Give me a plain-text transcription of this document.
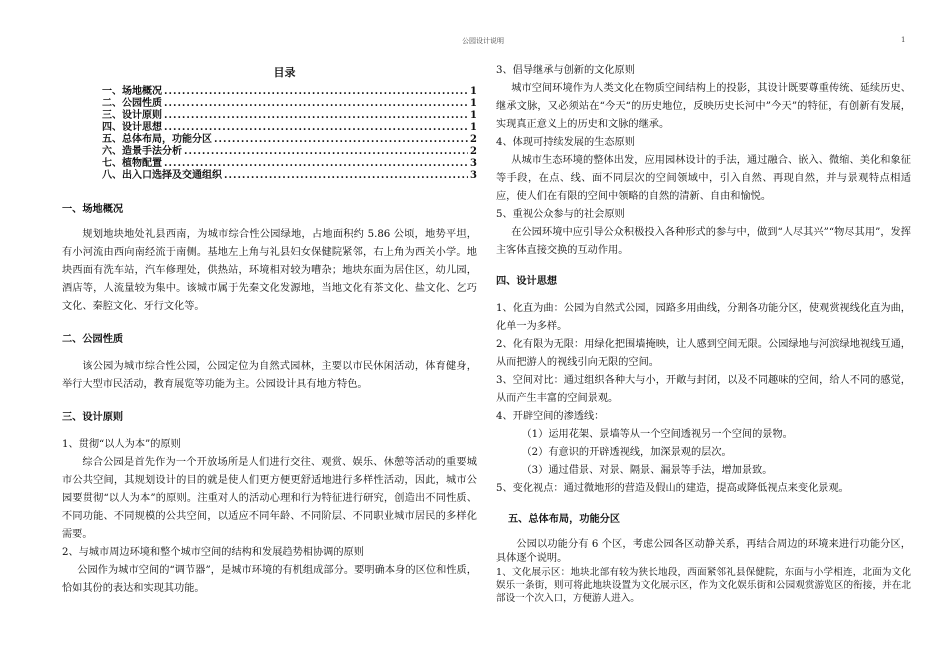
公园设计说明	1
目录
一、场地概况 .....	1
二、公园性质 .....	1
三、设计原则 .....	1
四、设计思想 .....	1
五、总体布局，功能分区 .....	2
六、造景手法分析 .....	2
七、植物配置 .....	3
八、出入口选择及交通组织 .....	3
一、场地概况

规划地块地处礼县西南，为城市综合性公园绿地，占地面积约 5.86 公顷，地势平坦，有小河流由西向南经流于南侧。基地左上角与礼县妇女保健院紧邻，右上角为西关小学。地块西面有洗车站，汽车修理处，供热站，环境相对较为嘈杂；地块东面为居住区，幼儿园，酒店等，人流量较为集中。该城市属于先秦文化发源地，当地文化有茶文化、盐文化、乞巧文化、秦腔文化、牙行文化等。

二、公园性质

该公园为城市综合性公园，公园定位为自然式园林，主要以市民休闲活动，体育健身，举行大型市民活动，教育展览等功能为主。公园设计具有地方特色。

三、设计原则

1、贯彻“以人为本”的原则

综合公园是首先作为一个开放场所是人们进行交往、观赏、娱乐、休憩等活动的重要城市公共空间，其规划设计的目的就是使人们更方便更舒适地进行多样性活动，因此，城市公园要贯彻“以人为本”的原则。注重对人的活动心理和行为特征进行研究，创造出不同性质、不同功能、不同规模的公共空间，以适应不同年龄、不同阶层、不同职业城市居民的多样化需要。

2、与城市周边环境和整个城市空间的结构和发展趋势相协调的原则

公园作为城市空间的“调节器”，是城市环境的有机组成部分。要明确本身的区位和性质，恰如其份的表达和实现其功能。

3、倡导继承与创新的文化原则

城市空间环境作为人类文化在物质空间结构上的投影，其设计既要尊重传统、延续历史、继承文脉，又必须站在“今天“的历史地位，反映历史长河中”今天”的特征，有创新有发展，实现真正意义上的历史和文脉的继承。

4、体现可持续发展的生态原则

从城市生态环境的整体出发，应用园林设计的手法，通过融合、嵌入、微缩、美化和象征等手段，在点、线、面不同层次的空间领域中，引入自然、再现自然，并与景观特点相适应，使人们在有限的空间中领略的自然的清新、自由和愉悦。

5、重视公众参与的社会原则

在公园环境中应引导公众积极投入各种形式的参与中，做到“人尽其兴”“物尽其用”，发挥主客体直接交换的互动作用。

四、设计思想

1、化直为曲：公园为自然式公园，园路多用曲线，分割各功能分区，使观赏视线化直为曲，化单一为多样。

2、化有限为无限：用绿化把围墙掩映，让人感到空间无限。公园绿地与河滨绿地视线互通，从而把游人的视线引向无限的空间。

3、空间对比：通过组织各种大与小，开敞与封闭，以及不同趣味的空间，给人不同的感觉，从而产生丰富的空间景观。

4、开辟空间的渗透线：

（1）运用花架、景墙等从一个空间透视另一个空间的景物。

（2）有意识的开辟透视线，加深景观的层次。

（3）通过借景、对景、隔景、漏景等手法，增加景致。

5、变化视点：通过微地形的营造及假山的建造，提高或降低视点来变化景观。

五、总体布局，功能分区

公园以功能分有 6 个区，考虑公园各区动静关系，再结合周边的环境来进行功能分区，具体逐个说明。

1、文化展示区：地块北部有较为狭长地段，西面紧邻礼县保健院，东面与小学相连，北面为文化娱乐一条街，则可将此地块设置为文化展示区，作为文化娱乐街和公园观赏游览区的衔接，并在北部设一个次入口，方便游人进入。
